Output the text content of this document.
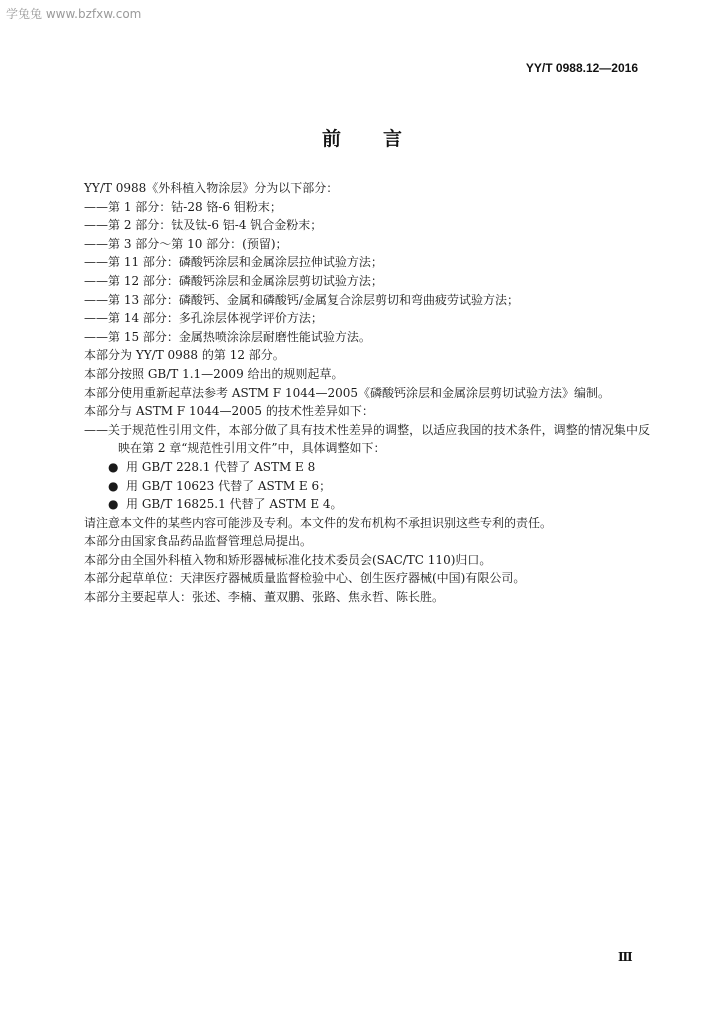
学兔兔 www.bzfxw.com
YY/T 0988.12—2016
前言
YY/T 0988《外科植入物涂层》分为以下部分：
——第 1 部分：钴-28 铬-6 钼粉末；
——第 2 部分：钛及钛-6 铝-4 钒合金粉末；
——第 3 部分～第 10 部分：(预留)；
——第 11 部分：磷酸钙涂层和金属涂层拉伸试验方法；
——第 12 部分：磷酸钙涂层和金属涂层剪切试验方法；
——第 13 部分：磷酸钙、金属和磷酸钙/金属复合涂层剪切和弯曲疲劳试验方法；
——第 14 部分：多孔涂层体视学评价方法；
——第 15 部分：金属热喷涂涂层耐磨性能试验方法。
本部分为 YY/T 0988 的第 12 部分。
本部分按照 GB/T 1.1—2009 给出的规则起草。
本部分使用重新起草法参考 ASTM F 1044—2005《磷酸钙涂层和金属涂层剪切试验方法》编制。
本部分与 ASTM F 1044—2005 的技术性差异如下：
——关于规范性引用文件，本部分做了具有技术性差异的调整，以适应我国的技术条件，调整的情况集中反映在第 2 章“规范性引用文件”中，具体调整如下：
● 用 GB/T 228.1 代替了 ASTM E 8
● 用 GB/T 10623 代替了 ASTM E 6；
● 用 GB/T 16825.1 代替了 ASTM E 4。
请注意本文件的某些内容可能涉及专利。本文件的发布机构不承担识别这些专利的责任。
本部分由国家食品药品监督管理总局提出。
本部分由全国外科植入物和矫形器械标准化技术委员会(SAC/TC 110)归口。
本部分起草单位：天津医疗器械质量监督检验中心、创生医疗器械(中国)有限公司。
本部分主要起草人：张述、李楠、董双鹏、张路、焦永哲、陈长胜。
Ⅲ
